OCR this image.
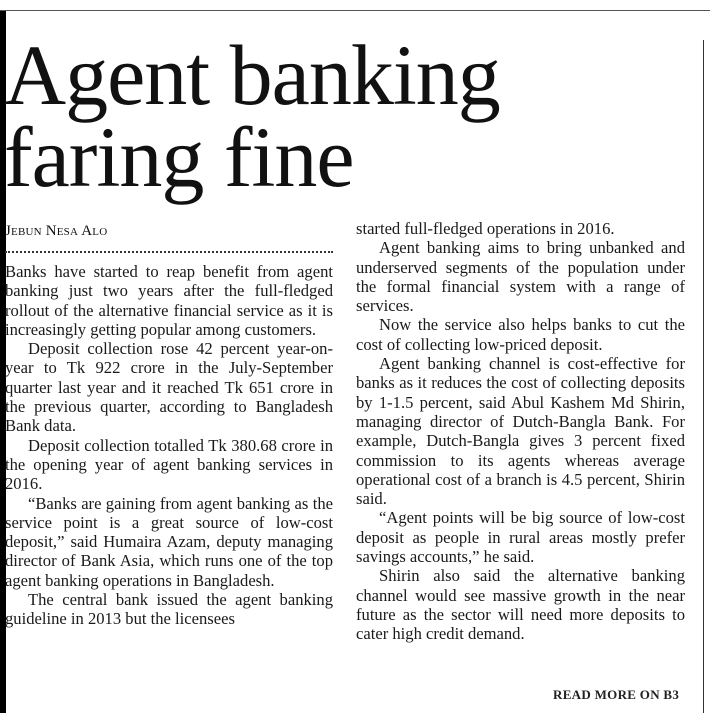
Agent banking
faring fine
Jebun Nesa Alo

Banks have started to reap benefit from agent banking just two years after the full-fledged rollout of the alternative financial service as it is increasingly getting popular among customers.

Deposit collection rose 42 percent year-on-year to Tk 922 crore in the July-September quarter last year and it reached Tk 651 crore in the previous quarter, according to Bangladesh Bank data.

Deposit collection totalled Tk 380.68 crore in the opening year of agent banking services in 2016.

“Banks are gaining from agent banking as the service point is a great source of low-cost deposit,” said Humaira Azam, deputy managing director of Bank Asia, which runs one of the top agent banking operations in Bangladesh.

The central bank issued the agent banking guideline in 2013 but the licensees

started full-fledged operations in 2016.

Agent banking aims to bring unbanked and underserved segments of the population under the formal financial system with a range of services.

Now the service also helps banks to cut the cost of collecting low-priced deposit.

Agent banking channel is cost-effective for banks as it reduces the cost of collecting deposits by 1-1.5 percent, said Abul Kashem Md Shirin, managing director of Dutch-Bangla Bank. For example, Dutch-Bangla gives 3 percent fixed commission to its agents whereas average operational cost of a branch is 4.5 percent, Shirin said.

“Agent points will be big source of low-cost deposit as people in rural areas mostly prefer savings accounts,” he said.

Shirin also said the alternative banking channel would see massive growth in the near future as the sector will need more deposits to cater high credit demand.

READ MORE ON B3
